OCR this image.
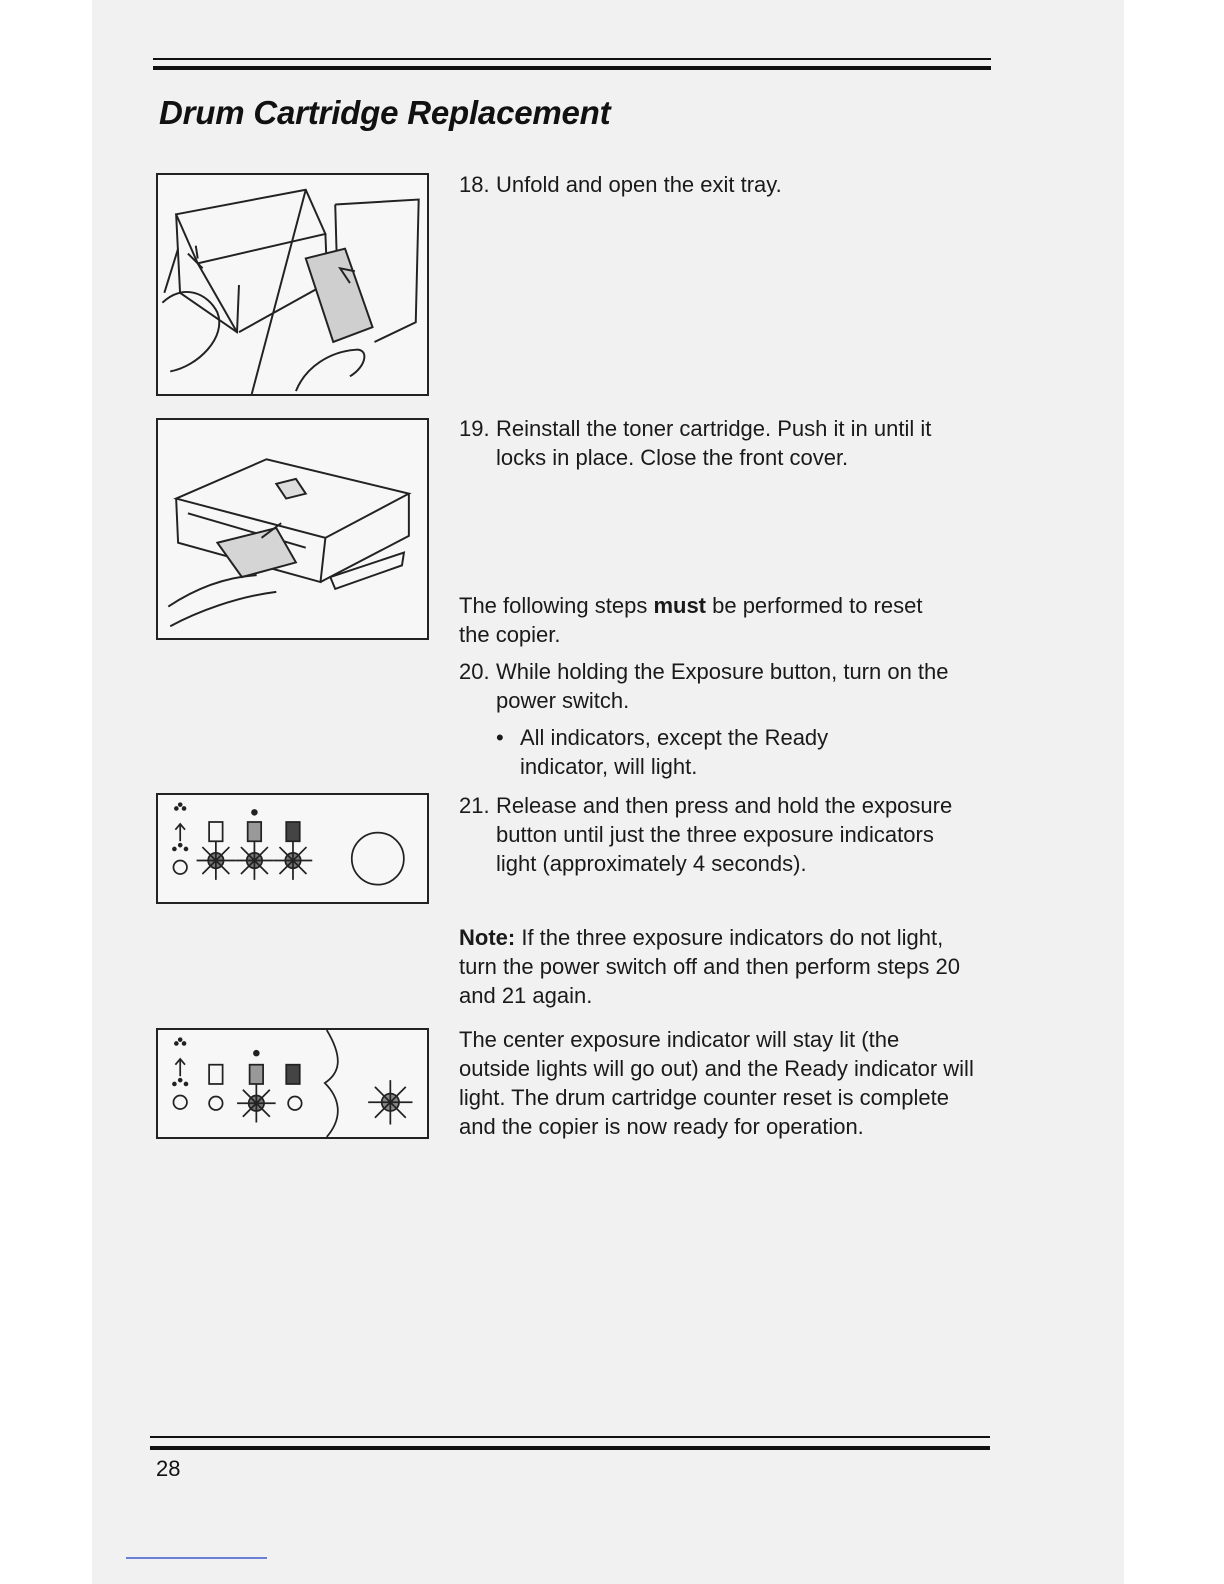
Drum Cartridge Replacement
18. Unfold and open the exit tray.
19. Reinstall the toner cartridge. Push it in until it locks in place. Close the front cover.
The following steps must be performed to reset the copier.
20. While holding the Exposure button, turn on the power switch.
• All indicators, except the Ready indicator, will light.
21. Release and then press and hold the exposure button until just the three exposure indicators light (approximately 4 seconds).
Note: If the three exposure indicators do not light, turn the power switch off and then perform steps 20 and 21 again.
The center exposure indicator will stay lit (the outside lights will go out) and the Ready indicator will light. The drum cartridge counter reset is complete and the copier is now ready for operation.

28
